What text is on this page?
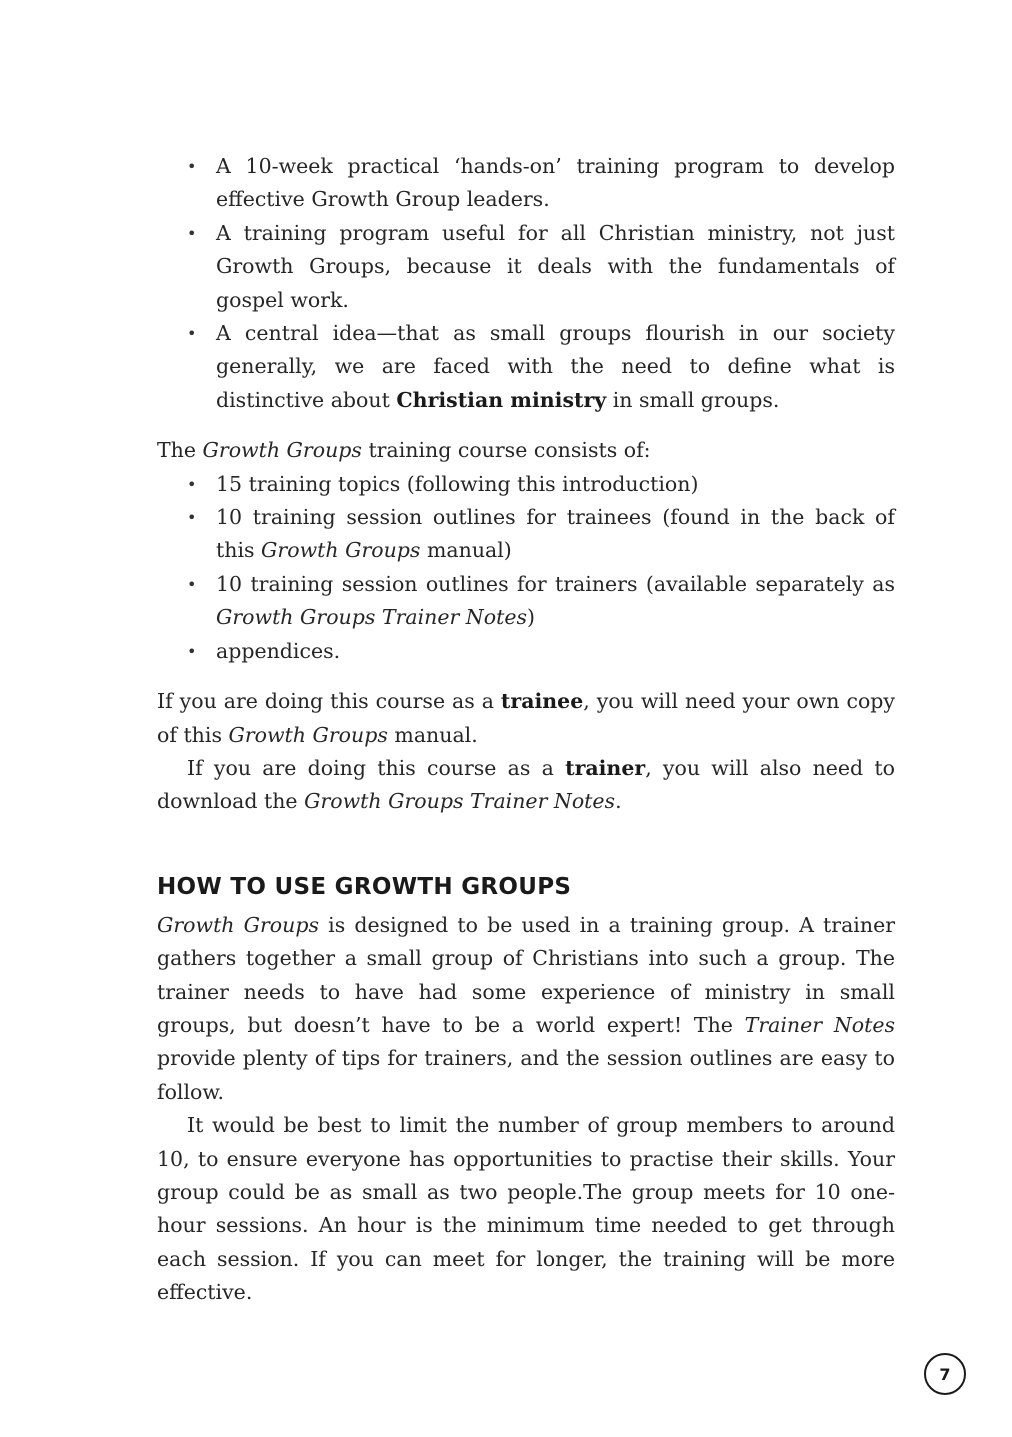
• A 10-week practical ‘hands-on’ training program to develop effective Growth Group leaders.
• A training program useful for all Christian ministry, not just Growth Groups, because it deals with the fundamentals of gospel work.
• A central idea—that as small groups flourish in our society generally, we are faced with the need to define what is distinctive about Christian ministry in small groups.

The Growth Groups training course consists of:

• 15 training topics (following this introduction)
• 10 training session outlines for trainees (found in the back of this Growth Groups manual)
• 10 training session outlines for trainers (available separately as Growth Groups Trainer Notes)
• appendices.

If you are doing this course as a trainee, you will need your own copy of this Growth Groups manual.

If you are doing this course as a trainer, you will also need to download the Growth Groups Trainer Notes.

HOW TO USE GROWTH GROUPS

Growth Groups is designed to be used in a training group. A trainer gathers together a small group of Christians into such a group. The trainer needs to have had some experience of ministry in small groups, but doesn’t have to be a world expert! The Trainer Notes provide plenty of tips for trainers, and the session outlines are easy to follow.

It would be best to limit the number of group members to around 10, to ensure everyone has opportunities to practise their skills. Your group could be as small as two people.The group meets for 10 one-hour sessions. An hour is the minimum time needed to get through each session. If you can meet for longer, the training will be more effective.

7
